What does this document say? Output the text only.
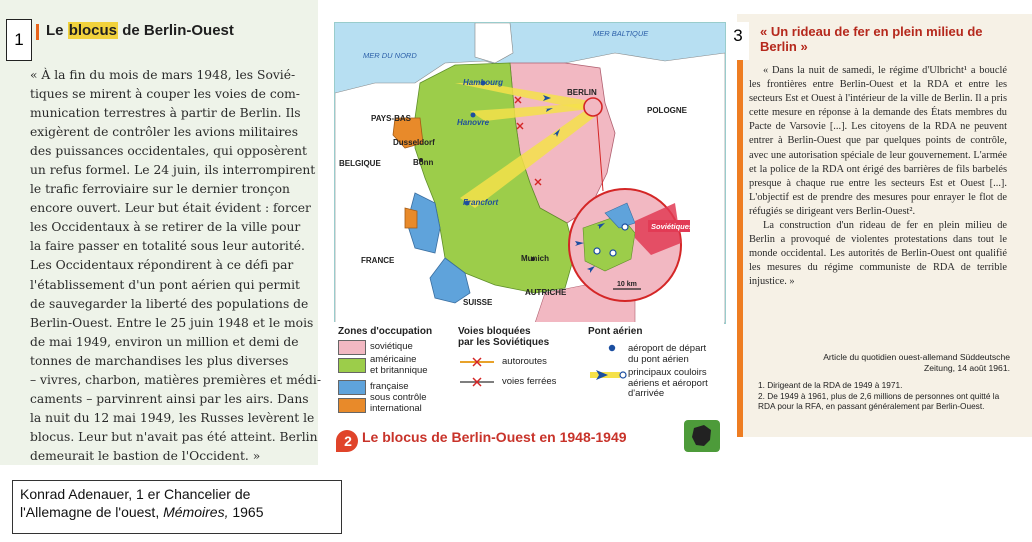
1	Le blocus de Berlin-Ouest
« À la fin du mois de mars 1948, les Sovié-
tiques se mirent à couper les voies de com-
munication terrestres à partir de Berlin. Ils
exigèrent de contrôler les avions militaires
des puissances occidentales, qui opposèrent
un refus formel. Le 24 juin, ils interrompirent
le trafic ferroviaire sur le dernier tronçon
encore ouvert. Leur but était évident : forcer
les Occidentaux à se retirer de la ville pour
la faire passer en totalité sous leur autorité.
Les Occidentaux répondirent à ce défi par
l'établissement d'un pont aérien qui permit
de sauvegarder la liberté des populations de
Berlin-Ouest. Entre le 25 juin 1948 et le mois
de mai 1949, environ un million et demi de
tonnes de marchandises les plus diverses
– vivres, charbon, matières premières et médi-
caments – parvinrent ainsi par les airs. Dans
la nuit du 12 mai 1949, les Russes levèrent le
blocus. Leur but n'avait pas été atteint. Berlin
demeurait le bastion de l'Occident. »
MER BALTIQUE
MER DU NORD
Hambourg
BERLIN
Hanovre
PAYS-BAS
POLOGNE
Dusseldorf
Bonn
BELGIQUE
Francfort
Soviétiques
FRANCE	Munich
SUISSE
AUTRICHE
10 km
Zones d'occupation
soviétique
américaine
et britannique
française
sous contrôle
international
Voies bloquées
par les Soviétiques
autoroutes
voies ferrées
Pont aérien
aéroport de départ
du pont aérien
principaux couloirs
aériens et aéroport
d'arrivée
2 Le blocus de Berlin-Ouest en 1948-1949
3	« Un rideau de fer en plein milieu de Berlin »

« Dans la nuit de samedi, le régime d'Ulbricht¹ a bouclé les frontières entre Berlin-Ouest et la RDA et entre les secteurs Est et Ouest à l'intérieur de la ville de Berlin. Il a pris cette mesure en réponse à la demande des États membres du Pacte de Varsovie [...]. Les citoyens de la RDA ne peuvent entrer à Berlin-Ouest que par quelques points de contrôle, avec une autorisation spéciale de leur gouvernement. L'armée et la police de la RDA ont érigé des barrières de fils barbelés presque à chaque rue entre les secteurs Est et Ouest [...]. L'objectif est de prendre des mesures pour enrayer le flot de réfugiés se dirigeant vers Berlin-Ouest².

La construction d'un rideau de fer en plein milieu de Berlin a provoqué de violentes protestations dans tout le monde occidental. Les autorités de Berlin-Ouest ont qualifié les mesures du régime communiste de RDA de terrible injustice. »

Article du quotidien ouest-allemand Süddeutsche
Zeitung, 14 août 1961.
1. Dirigeant de la RDA de 1949 à 1971.
2. De 1949 à 1961, plus de 2,6 millions de personnes ont quitté la RDA pour la RFA, en passant généralement par Berlin-Ouest.
Konrad Adenauer, 1 er Chancelier de
l'Allemagne de l'ouest, Mémoires, 1965
